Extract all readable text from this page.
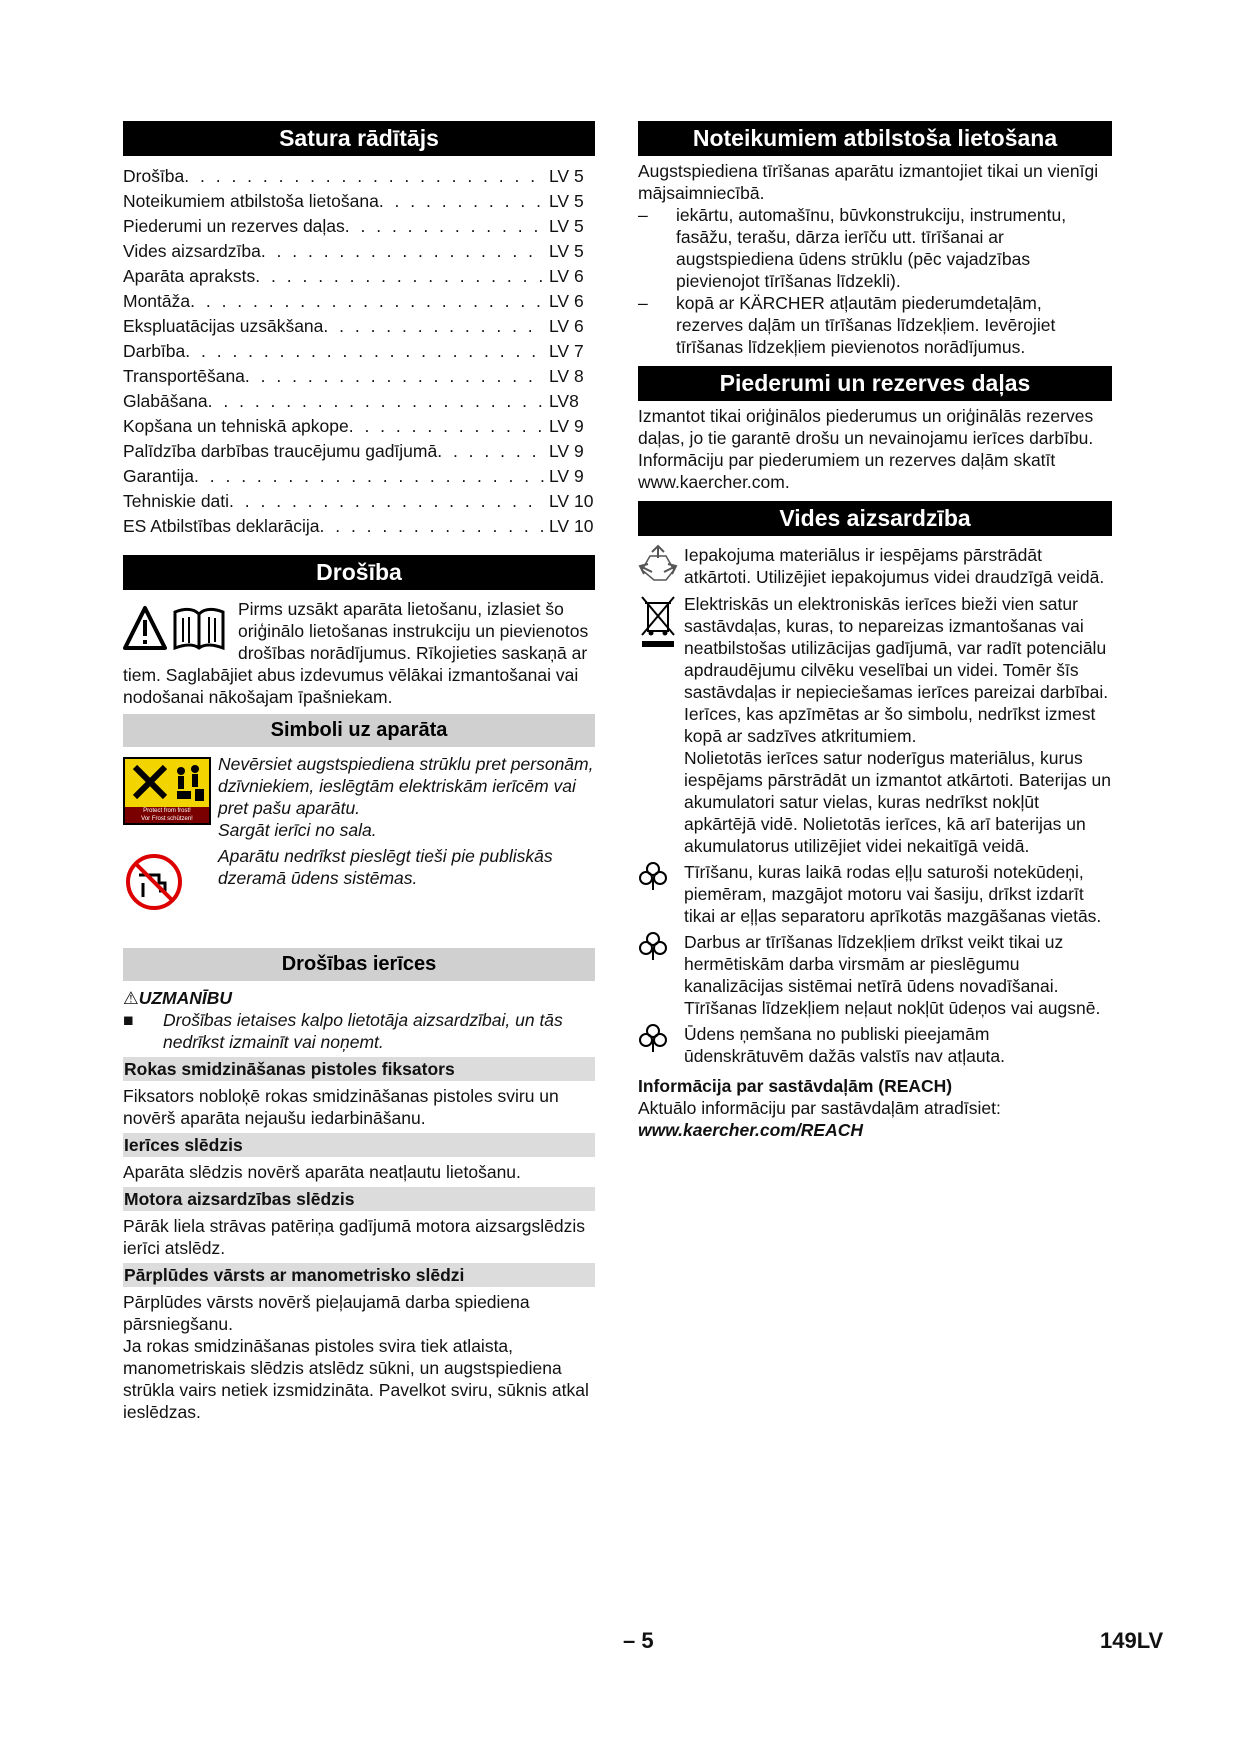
Satura rādītājs
Drošība . . .	LV 5
Noteikumiem atbilstoša lietošana . . .	LV 5
Piederumi un rezerves daļas . . .	LV 5
Vides aizsardzība . . .	LV 5
Aparāta apraksts . . .	LV 6
Montāža . . .	LV 6
Ekspluatācijas uzsākšana . . .	LV 6
Darbība . . .	LV 7
Transportēšana . . .	LV 8
Glabāšana . . .	LV8
Kopšana un tehniskā apkope . . .	LV 9
Palīdzība darbības traucējumu gadījumā . . .	LV 9
Garantija . . .	LV 9
Tehniskie dati . . .	LV 10
ES Atbilstības deklarācija . . .	LV 10
Drošība

Pirms uzsākt aparāta lietošanu, izlasiet šo oriģinālo lietošanas instrukciju un pievienotos drošības norādījumus. Rīkojieties saskaņā ar tiem. Saglabājiet abus izdevumus vēlākai izmantošanai vai nodošanai nākošajam īpašniekam.

Simboli uz aparāta
Protect from frost!
Vor Frost schützen!

Nevērsiet augstspiediena strūklu pret personām, dzīvniekiem, ieslēgtām elektriskām ierīcēm vai pret pašu aparātu.

Sargāt ierīci no sala.

Aparātu nedrīkst pieslēgt tieši pie publiskās dzeramā ūdens sistēmas.

Drošības ierīces
⚠UZMANĪBU
■	Drošības ietaises kalpo lietotāja aizsardzībai, un tās nedrīkst izmainīt vai noņemt.

Rokas smidzināšanas pistoles fiksators

Fiksators nobloķē rokas smidzināšanas pistoles sviru un novērš aparāta nejaušu iedarbināšanu.

Ierīces slēdzis

Aparāta slēdzis novērš aparāta neatļautu lietošanu.

Motora aizsardzības slēdzis

Pārāk liela strāvas patēriņa gadījumā motora aizsargslēdzis ierīci atslēdz.

Pārplūdes vārsts ar manometrisko slēdzi

Pārplūdes vārsts novērš pieļaujamā darba spiediena pārsniegšanu.

Ja rokas smidzināšanas pistoles svira tiek atlaista, manometriskais slēdzis atslēdz sūkni, un augstspiediena strūkla vairs netiek izsmidzināta. Pavelkot sviru, sūknis atkal ieslēdzas.

Noteikumiem atbilstoša lietošana

Augstspiediena tīrīšanas aparātu izmantojiet tikai un vienīgi mājsaimniecībā.

– iekārtu, automašīnu, būvkonstrukciju, instrumentu, fasāžu, terašu, dārza ierīču utt. tīrīšanai ar augstspiediena ūdens strūklu (pēc vajadzības pievienojot tīrīšanas līdzekli).
– kopā ar KÄRCHER atļautām piederumdetaļām, rezerves daļām un tīrīšanas līdzekļiem. Ievērojiet tīrīšanas līdzekļiem pievienotos norādījumus.
Piederumi un rezerves daļas

Izmantot tikai oriģinālos piederumus un oriģinālās rezerves daļas, jo tie garantē drošu un nevainojamu ierīces darbību.

Informāciju par piederumiem un rezerves daļām skatīt www.kaercher.com.

Vides aizsardzība

Iepakojuma materiālus ir iespējams pārstrādāt atkārtoti. Utilizējiet iepakojumus videi draudzīgā veidā.

Elektriskās un elektroniskās ierīces bieži vien satur sastāvdaļas, kuras, to nepareizas izmantošanas vai neatbilstošas utilizācijas gadījumā, var radīt potenciālu apdraudējumu cilvēku veselībai un videi. Tomēr šīs sastāvdaļas ir nepieciešamas ierīces pareizai darbībai. Ierīces, kas apzīmētas ar šo simbolu, nedrīkst izmest kopā ar sadzīves atkritumiem.

Nolietotās ierīces satur noderīgus materiālus, kurus iespējams pārstrādāt un izmantot atkārtoti. Baterijas un akumulatori satur vielas, kuras nedrīkst nokļūt apkārtējā vidē. Nolietotās ierīces, kā arī baterijas un akumulatorus utilizējiet videi nekaitīgā veidā.

Tīrīšanu, kuras laikā rodas eļļu saturoši notekūdeņi, piemēram, mazgājot motoru vai šasiju, drīkst izdarīt tikai ar eļļas separatoru aprīkotās mazgāšanas vietās.

Darbus ar tīrīšanas līdzekļiem drīkst veikt tikai uz hermētiskām darba virsmām ar pieslēgumu kanalizācijas sistēmai netīrā ūdens novadīšanai. Tīrīšanas līdzekļiem neļaut nokļūt ūdeņos vai augsnē.

Ūdens ņemšana no publiski pieejamām ūdenskrātuvēm dažās valstīs nav atļauta.

Informācija par sastāvdaļām (REACH)

Aktuālo informāciju par sastāvdaļām atradīsiet:

www.kaercher.com/REACH

– 5	149LV
